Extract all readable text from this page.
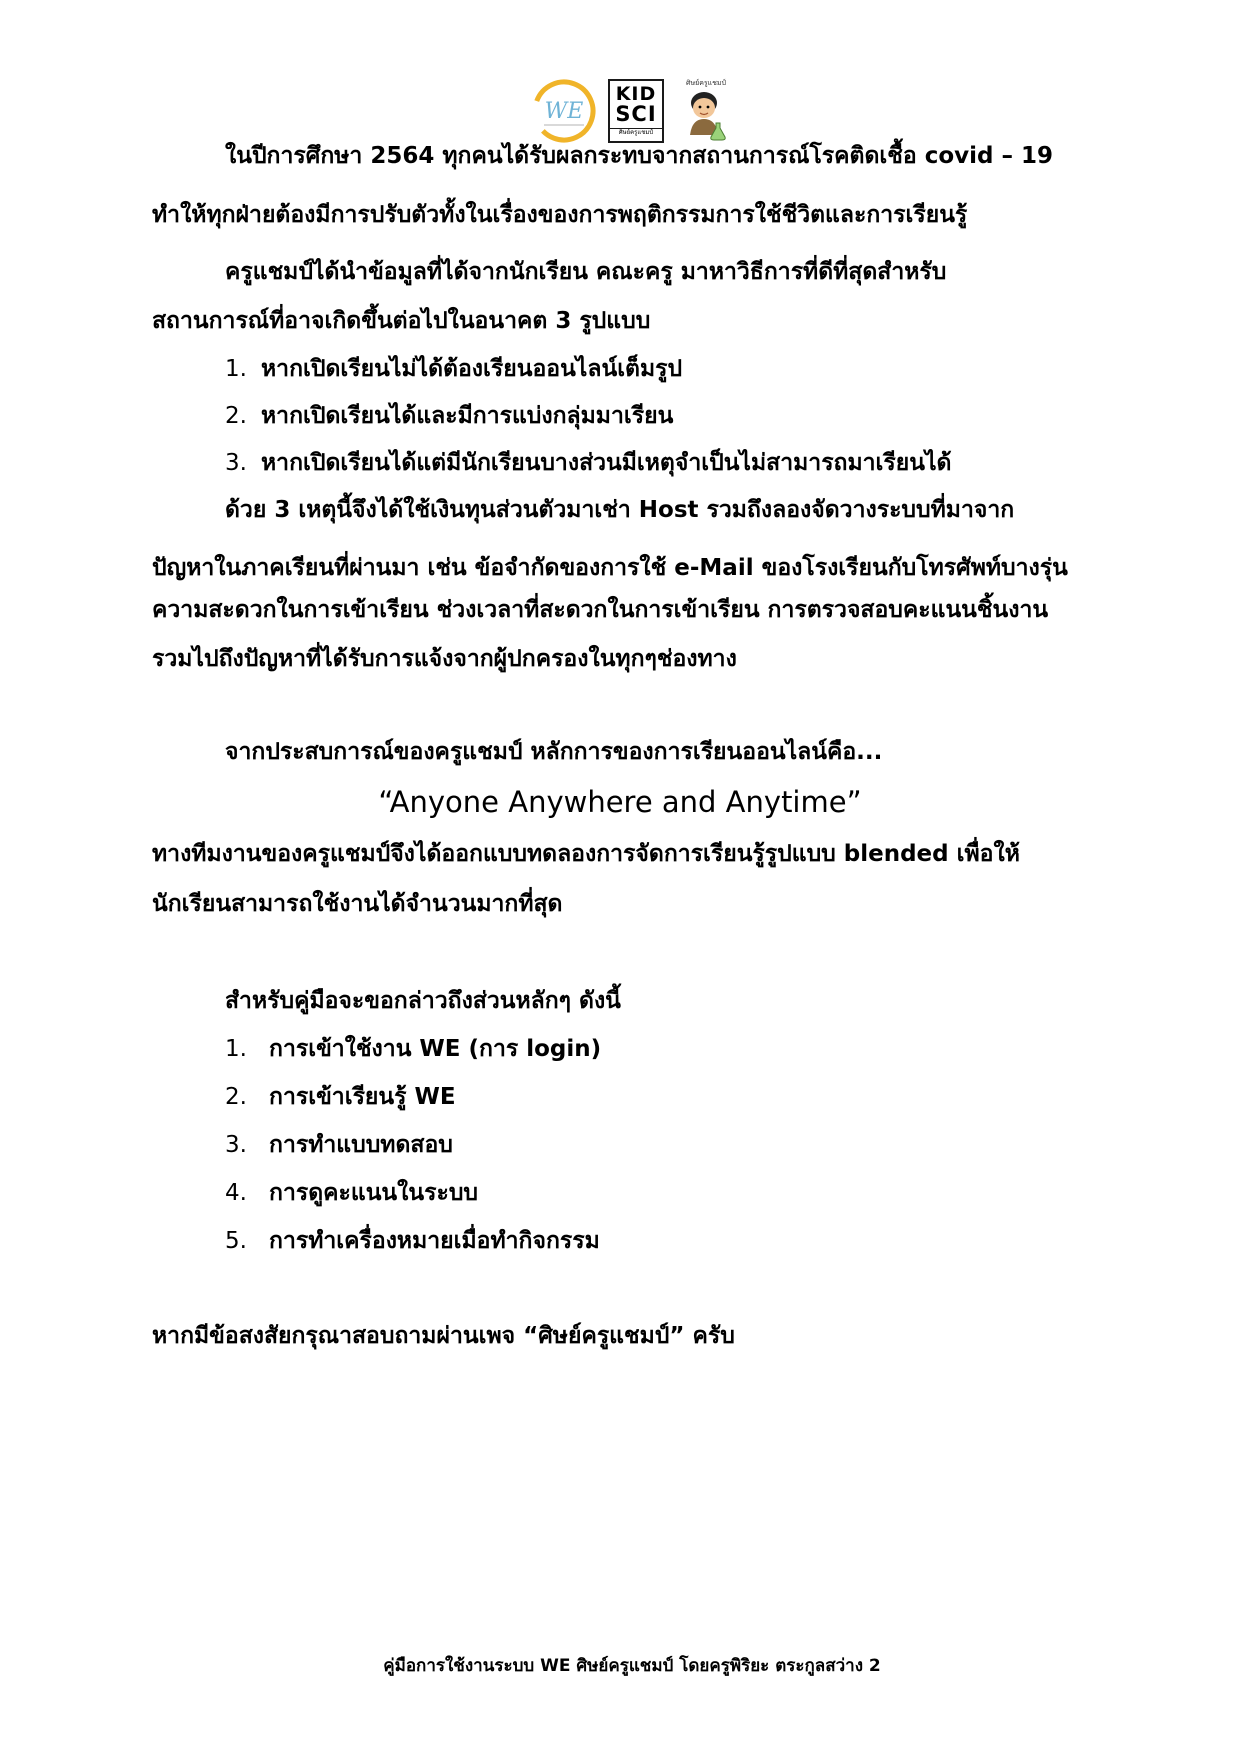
WE
KID
SCI
ศิษย์ครูแชมป์
ศิษย์ครูแชมป์
ในปีการศึกษา 2564 ทุกคนได้รับผลกระทบจากสถานการณ์โรคติดเชื้อ covid – 19
ทำให้ทุกฝ่ายต้องมีการปรับตัวทั้งในเรื่องของการพฤติกรรมการใช้ชีวิตและการเรียนรู้
ครูแชมป์ได้นำข้อมูลที่ได้จากนักเรียน คณะครู มาหาวิธีการที่ดีที่สุดสำหรับ
สถานการณ์ที่อาจเกิดขึ้นต่อไปในอนาคต 3 รูปแบบ
1. หากเปิดเรียนไม่ได้ต้องเรียนออนไลน์เต็มรูป
2. หากเปิดเรียนได้และมีการแบ่งกลุ่มมาเรียน
3. หากเปิดเรียนได้แต่มีนักเรียนบางส่วนมีเหตุจำเป็นไม่สามารถมาเรียนได้
ด้วย 3 เหตุนี้จึงได้ใช้เงินทุนส่วนตัวมาเช่า Host รวมถึงลองจัดวางระบบที่มาจาก
ปัญหาในภาคเรียนที่ผ่านมา เช่น ข้อจำกัดของการใช้ e-Mail ของโรงเรียนกับโทรศัพท์บางรุ่น
ความสะดวกในการเข้าเรียน ช่วงเวลาที่สะดวกในการเข้าเรียน การตรวจสอบคะแนนชิ้นงาน
รวมไปถึงปัญหาที่ได้รับการแจ้งจากผู้ปกครองในทุกๆช่องทาง
จากประสบการณ์ของครูแชมป์ หลักการของการเรียนออนไลน์คือ...
“Anyone Anywhere and Anytime”
ทางทีมงานของครูแชมป์จึงได้ออกแบบทดลองการจัดการเรียนรู้รูปแบบ blended เพื่อให้
นักเรียนสามารถใช้งานได้จำนวนมากที่สุด
สำหรับคู่มือจะขอกล่าวถึงส่วนหลักๆ ดังนี้
1. การเข้าใช้งาน WE (การ login)
2. การเข้าเรียนรู้ WE
3. การทำแบบทดสอบ
4. การดูคะแนนในระบบ
5. การทำเครื่องหมายเมื่อทำกิจกรรม
หากมีข้อสงสัยกรุณาสอบถามผ่านเพจ “ศิษย์ครูแชมป์” ครับ
คู่มือการใช้งานระบบ WE ศิษย์ครูแชมป์ โดยครูพิริยะ ตระกูลสว่าง 2
